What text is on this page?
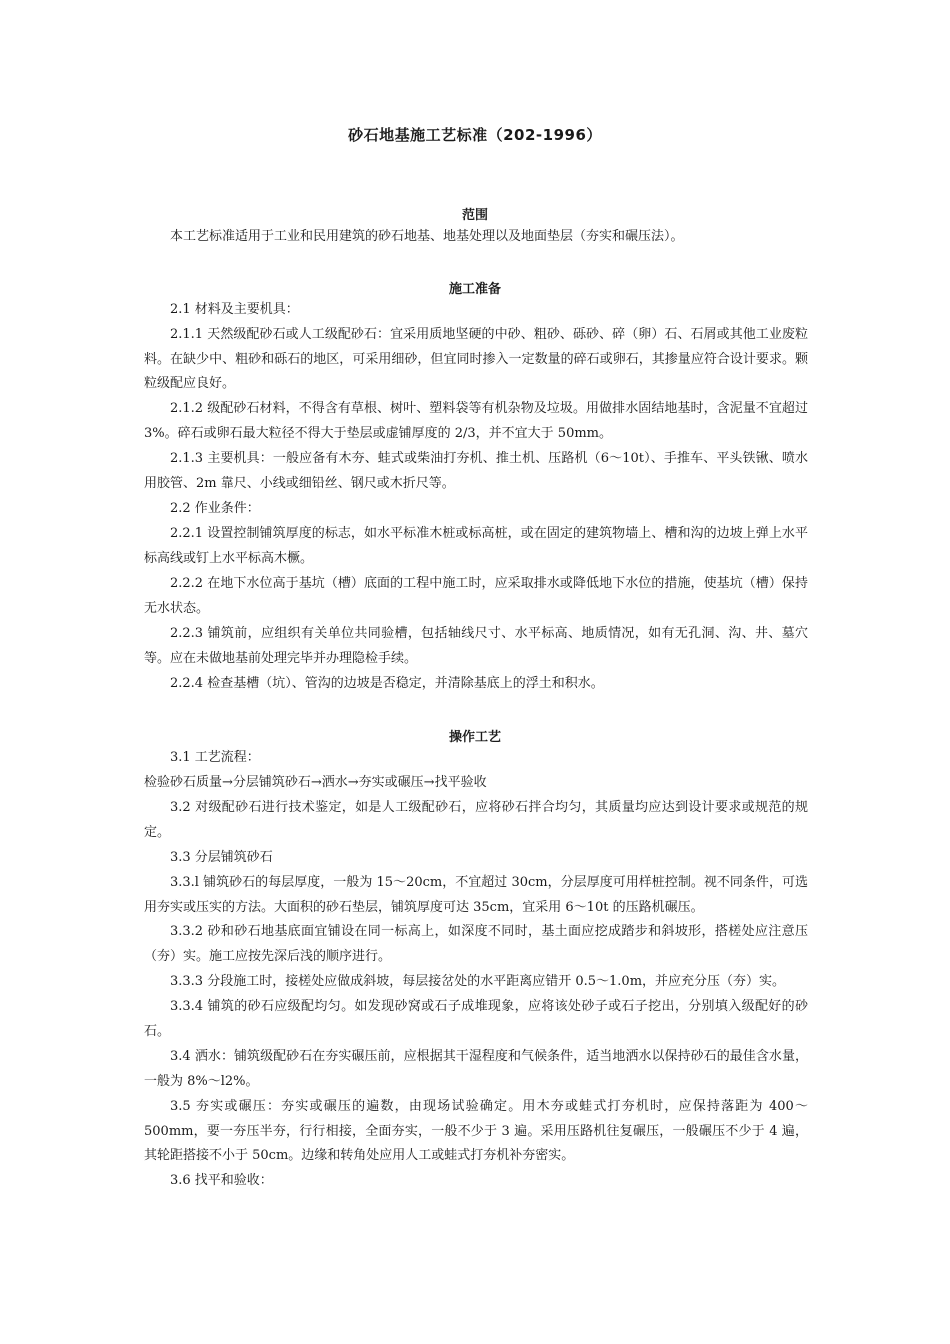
砂石地基施工艺标准（202-1996）
范围

本工艺标准适用于工业和民用建筑的砂石地基、地基处理以及地面垫层（夯实和碾压法）。

施工准备

2.1 材料及主要机具：

2.1.1 天然级配砂石或人工级配砂石：宜采用质地坚硬的中砂、粗砂、砾砂、碎（卵）石、石屑或其他工业废粒料。在缺少中、粗砂和砾石的地区，可采用细砂，但宜同时掺入一定数量的碎石或卵石，其掺量应符合设计要求。颗粒级配应良好。

2.1.2 级配砂石材料，不得含有草根、树叶、塑料袋等有机杂物及垃圾。用做排水固结地基时，含泥量不宜超过 3%。碎石或卵石最大粒径不得大于垫层或虚铺厚度的 2/3，并不宜大于 50mm。

2.1.3 主要机具：一般应备有木夯、蛙式或柴油打夯机、推土机、压路机（6～10t）、手推车、平头铁锹、喷水用胶管、2m 靠尺、小线或细铅丝、钢尺或木折尺等。

2.2 作业条件：

2.2.1 设置控制铺筑厚度的标志，如水平标准木桩或标高桩，或在固定的建筑物墙上、槽和沟的边坡上弹上水平标高线或钉上水平标高木橛。

2.2.2 在地下水位高于基坑（槽）底面的工程中施工时，应采取排水或降低地下水位的措施，使基坑（槽）保持无水状态。

2.2.3 铺筑前，应组织有关单位共同验槽，包括轴线尺寸、水平标高、地质情况，如有无孔洞、沟、井、墓穴等。应在未做地基前处理完毕并办理隐检手续。

2.2.4 检查基槽（坑）、管沟的边坡是否稳定，并清除基底上的浮土和积水。

操作工艺

3.1 工艺流程：

检验砂石质量→分层铺筑砂石→洒水→夯实或碾压→找平验收

3.2 对级配砂石进行技术鉴定，如是人工级配砂石，应将砂石拌合均匀，其质量均应达到设计要求或规范的规定。

3.3 分层铺筑砂石

3.3.l 铺筑砂石的每层厚度，一般为 15～20cm，不宜超过 30cm，分层厚度可用样桩控制。视不同条件，可选用夯实或压实的方法。大面积的砂石垫层，铺筑厚度可达 35cm，宜采用 6～10t 的压路机碾压。

3.3.2 砂和砂石地基底面宜铺设在同一标高上，如深度不同时，基土面应挖成踏步和斜坡形，搭槎处应注意压（夯）实。施工应按先深后浅的顺序进行。

3.3.3 分段施工时，接槎处应做成斜坡，每层接岔处的水平距离应错开 0.5～1.0m，并应充分压（夯）实。

3.3.4 铺筑的砂石应级配均匀。如发现砂窝或石子成堆现象，应将该处砂子或石子挖出，分别填入级配好的砂石。

3.4 洒水：铺筑级配砂石在夯实碾压前，应根据其干湿程度和气候条件，适当地洒水以保持砂石的最佳含水量，一般为 8%～l2%。

3.5 夯实或碾压：夯实或碾压的遍数，由现场试验确定。用木夯或蛙式打夯机时，应保持落距为 400～500mm，要一夯压半夯，行行相接，全面夯实，一般不少于 3 遍。采用压路机往复碾压，一般碾压不少于 4 遍，其轮距搭接不小于 50cm。边缘和转角处应用人工或蛙式打夯机补夯密实。

3.6 找平和验收：
